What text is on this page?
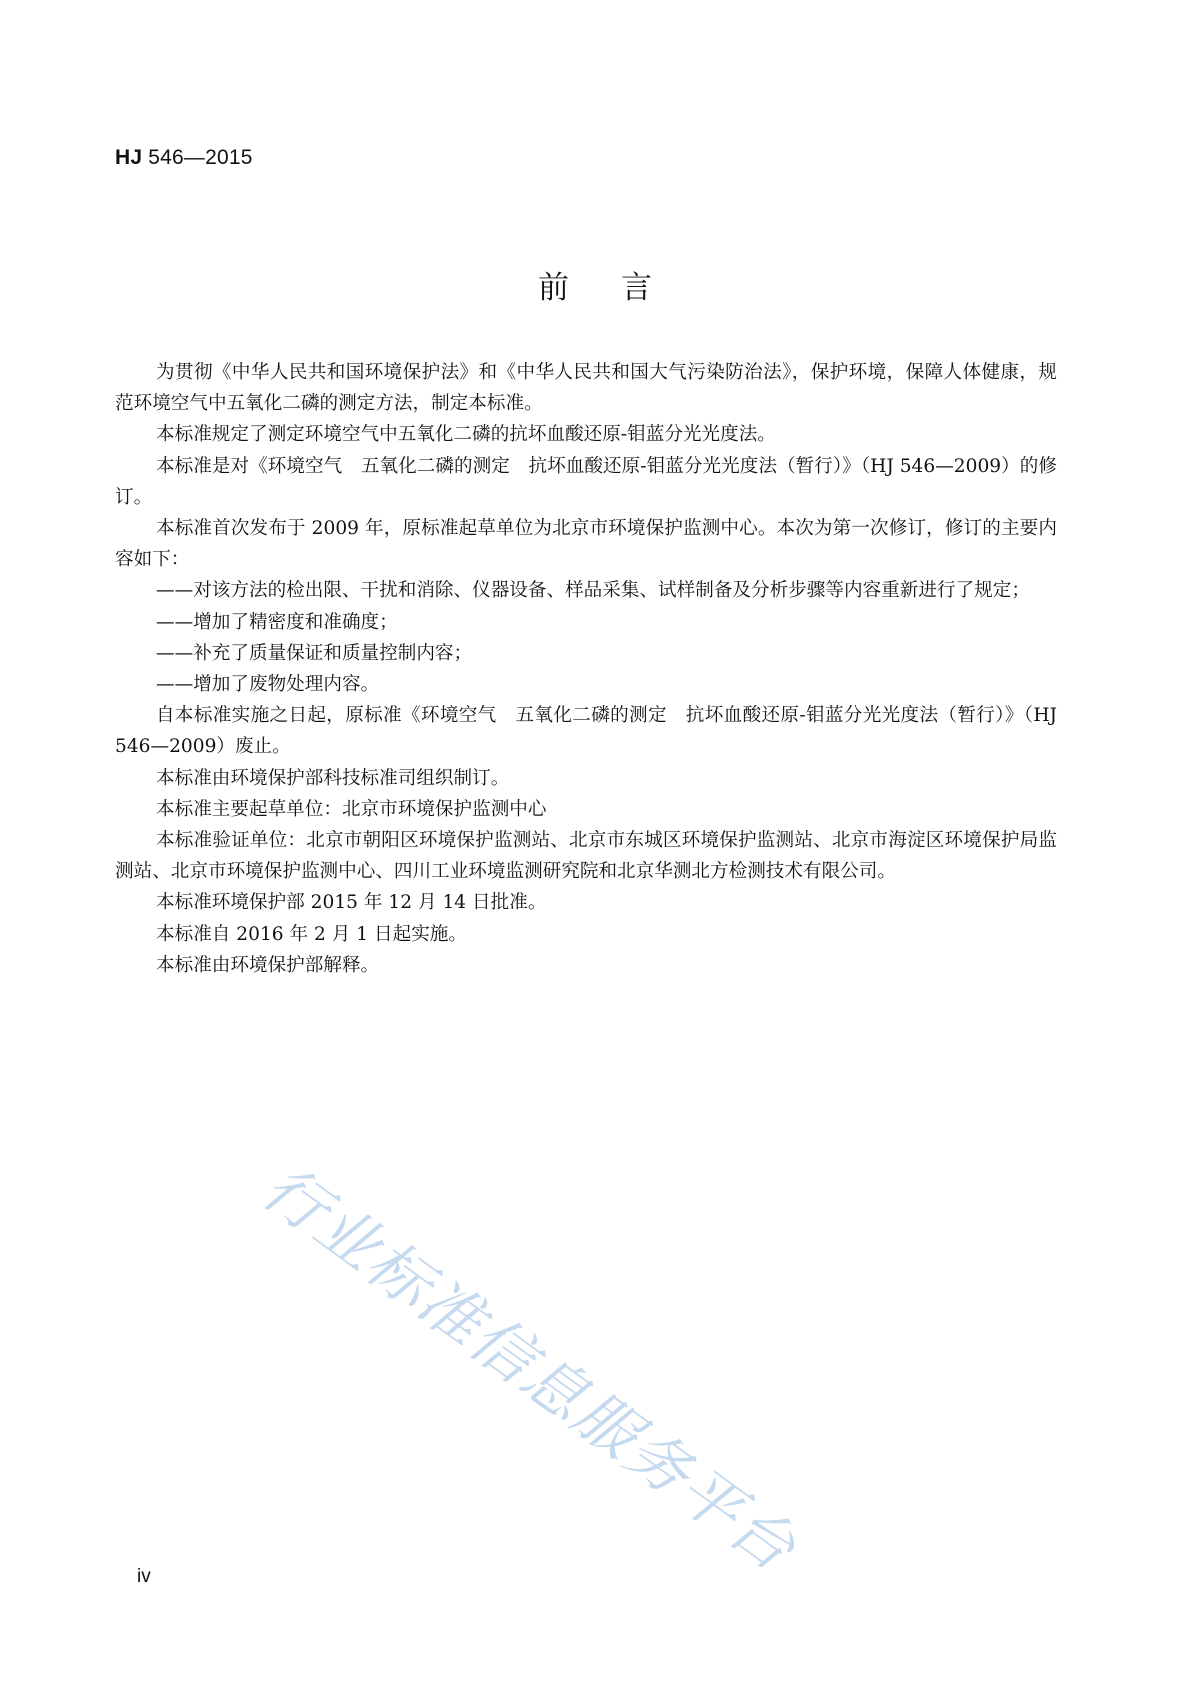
HJ 546—2015
前言

为贯彻《中华人民共和国环境保护法》和《中华人民共和国大气污染防治法》，保护环境，保障人体健康，规范环境空气中五氧化二磷的测定方法，制定本标准。

本标准规定了测定环境空气中五氧化二磷的抗坏血酸还原-钼蓝分光光度法。

本标准是对《环境空气　五氧化二磷的测定　抗坏血酸还原-钼蓝分光光度法（暂行）》（HJ 546—2009）的修订。

本标准首次发布于 2009 年，原标准起草单位为北京市环境保护监测中心。本次为第一次修订，修订的主要内容如下：

——对该方法的检出限、干扰和消除、仪器设备、样品采集、试样制备及分析步骤等内容重新进行了规定；

——增加了精密度和准确度；

——补充了质量保证和质量控制内容；

——增加了废物处理内容。

自本标准实施之日起，原标准《环境空气　五氧化二磷的测定　抗坏血酸还原-钼蓝分光光度法（暂行）》（HJ 546—2009）废止。

本标准由环境保护部科技标准司组织制订。

本标准主要起草单位：北京市环境保护监测中心

本标准验证单位：北京市朝阳区环境保护监测站、北京市东城区环境保护监测站、北京市海淀区环境保护局监测站、北京市环境保护监测中心、四川工业环境监测研究院和北京华测北方检测技术有限公司。

本标准环境保护部 2015 年 12 月 14 日批准。

本标准自 2016 年 2 月 1 日起实施。

本标准由环境保护部解释。

行业标准信息服务平台
iv
